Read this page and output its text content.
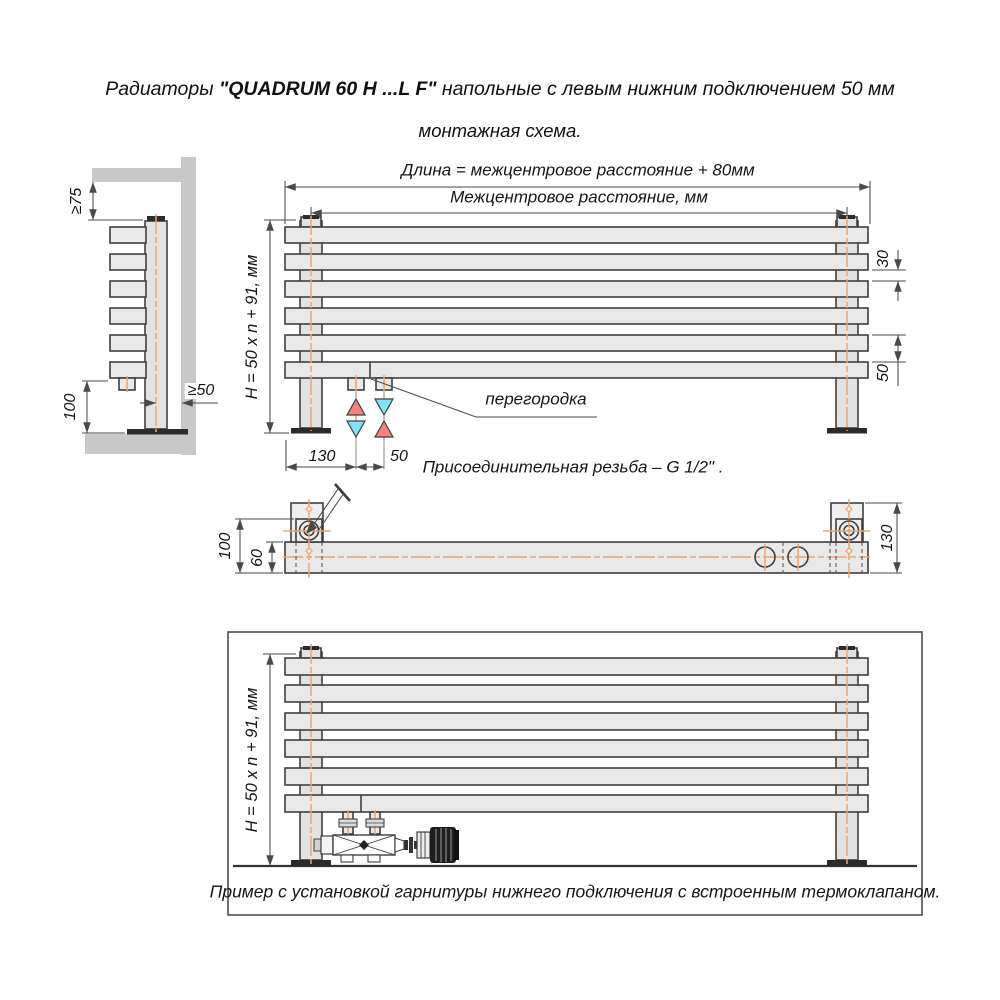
Радиаторы "QUADRUM 60 H ...L F" напольные с левым нижним подключением 50 мм
монтажная схема.
Длина = межцентровое расстояние + 80мм
Межцентровое расстояние, мм
H = 50 x n + 91, мм	30
50
130	50
перегородка
Присоединительная резьба – G 1/2" .
≥75
100
≥50
100 60
130
H = 50 x n + 91, мм
Пример с установкой гарнитуры нижнего подключения с встроенным термоклапаном.
